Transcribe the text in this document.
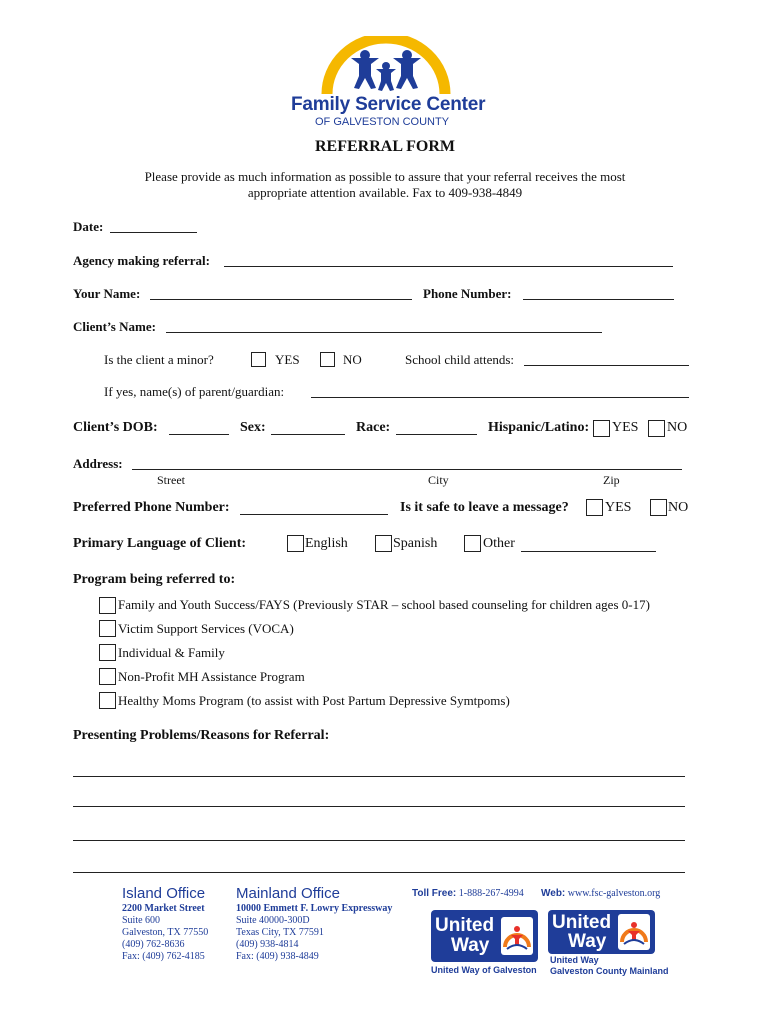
Family Service Center
OF GALVESTON COUNTY
REFERRAL FORM
Please provide as much information as possible to assure that your referral receives the most
appropriate attention available. Fax to 409-938-4849
Date:
Agency making referral:
Your Name:	Phone Number:
Client’s Name:
Is the client a minor?	YES	NO	School child attends:
If yes, name(s) of parent/guardian:
Client’s DOB:	Sex:	Race:	Hispanic/Latino: YES NO
Address:
Street	City	Zip
Preferred Phone Number:	Is it safe to leave a message?	YES	NO
Primary Language of Client:	English	Spanish	Other
Program being referred to:
Family and Youth Success/FAYS (Previously STAR – school based counseling for children ages 0-17)
Victim Support Services (VOCA)
Individual & Family
Non-Profit MH Assistance Program
Healthy Moms Program (to assist with Post Partum Depressive Symtpoms)
Presenting Problems/Reasons for Referral:
Island Office
2200 Market Street
Suite 600
Galveston, TX 77550
(409) 762-8636
Fax: (409) 762-4185
Mainland Office
10000 Emmett F. Lowry Expressway
Suite 40000-300D
Texas City, TX 77591
(409) 938-4814
Fax: (409) 938-4849
Toll Free: 1-888-267-4994 Web: www.fsc-galveston.org
United
Way
United Way of Galveston
United
Way
United Way
Galveston County Mainland
